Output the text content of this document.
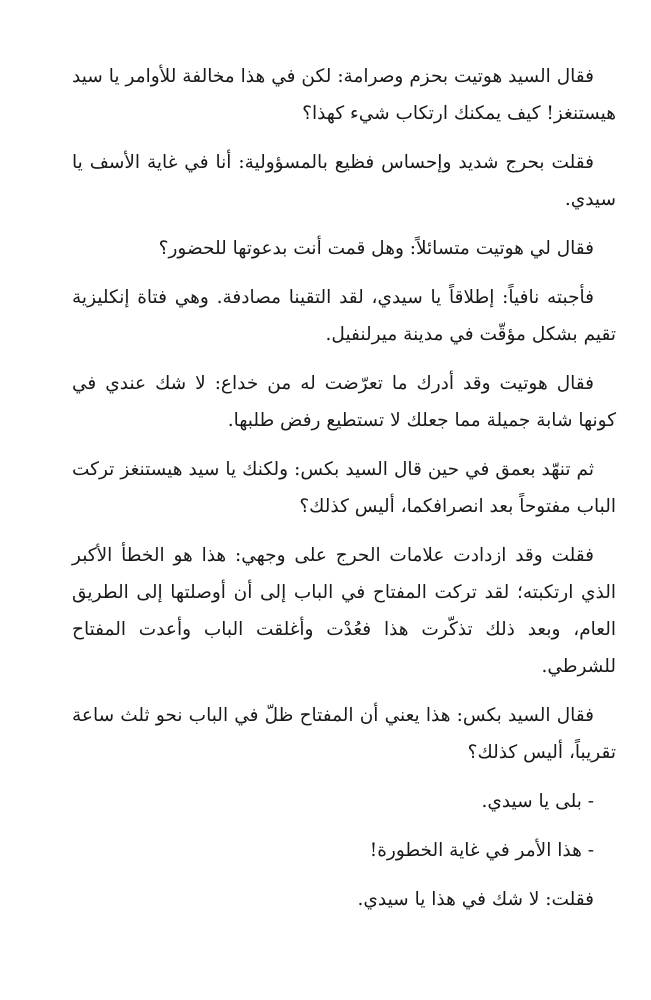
فقال السيد هوتيت بحزم وصرامة: لكن في هذا مخالفة للأوامر يا سيد هيستنغز! كيف يمكنك ارتكاب شيء كهذا؟

فقلت بحرج شديد وإحساس فظيع بالمسؤولية: أنا في غاية الأسف يا سيدي.

فقال لي هوتيت متسائلاً: وهل قمت أنت بدعوتها للحضور؟

فأجبته نافياً: إطلاقاً يا سيدي، لقد التقينا مصادفة. وهي فتاة إنكليزية تقيم بشكل مؤقّت في مدينة ميرلنفيل.

فقال هوتيت وقد أدرك ما تعرّضت له من خداع: لا شك عندي في كونها شابة جميلة مما جعلك لا تستطيع رفض طلبها.

ثم تنهّد بعمق في حين قال السيد بكس: ولكنك يا سيد هيستنغز تركت الباب مفتوحاً بعد انصرافكما، أليس كذلك؟

فقلت وقد ازدادت علامات الحرج على وجهي: هذا هو الخطأ الأكبر الذي ارتكبته؛ لقد تركت المفتاح في الباب إلى أن أوصلتها إلى الطريق العام، وبعد ذلك تذكّرت هذا فعُدْت وأغلقت الباب وأعدت المفتاح للشرطي.

فقال السيد بكس: هذا يعني أن المفتاح ظلّ في الباب نحو ثلث ساعة تقريباً، أليس كذلك؟

- بلى يا سيدي.

- هذا الأمر في غاية الخطورة!

فقلت: لا شك في هذا يا سيدي.
